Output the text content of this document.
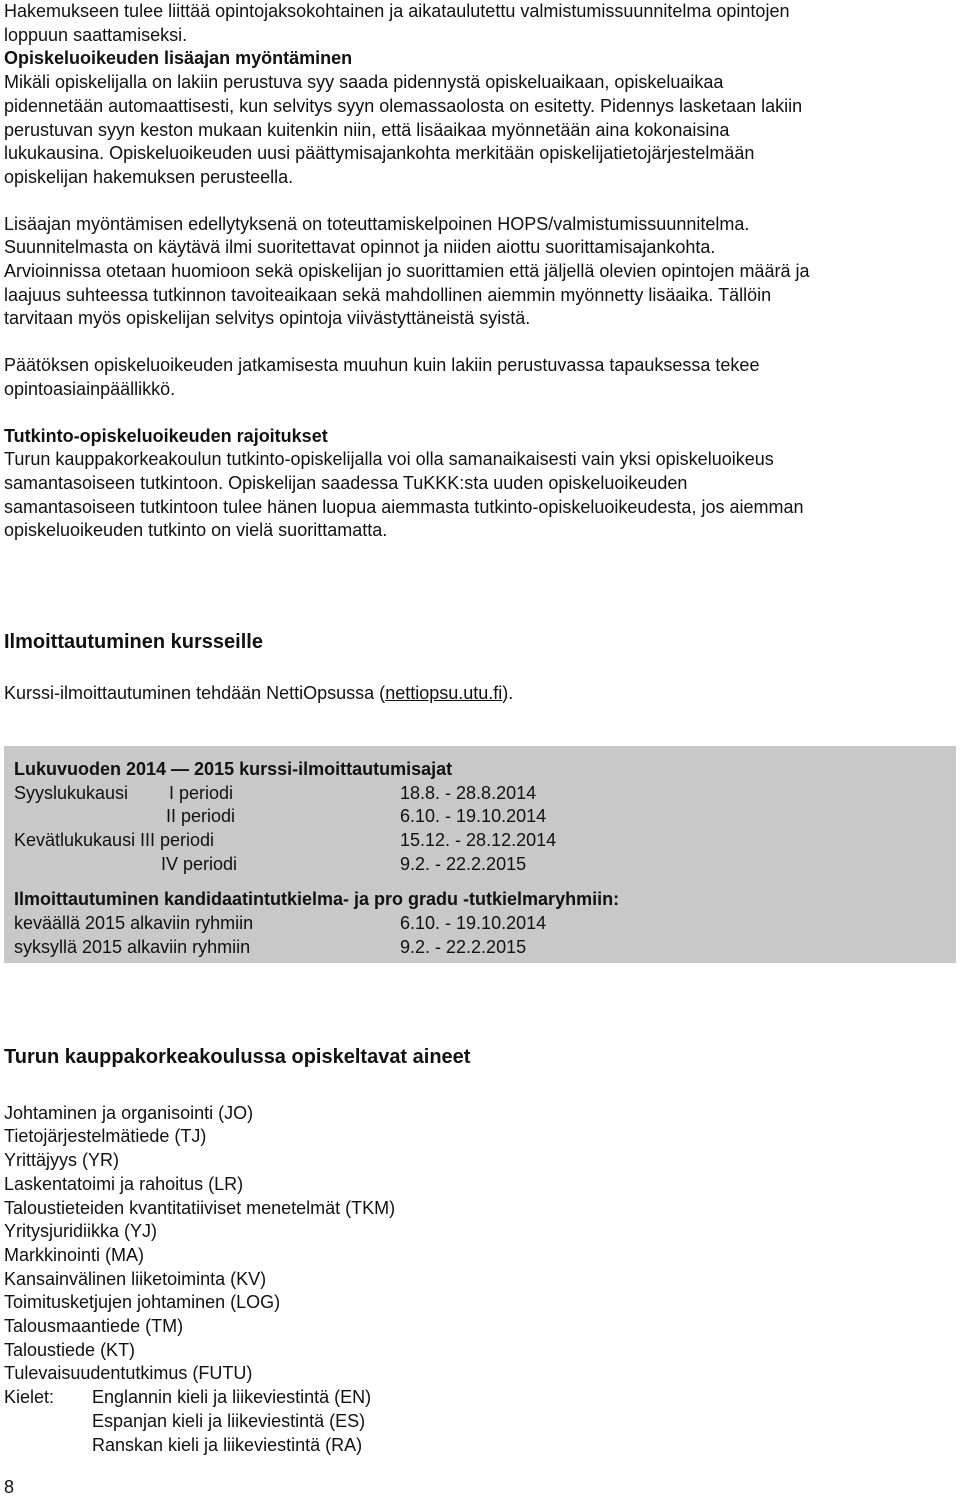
Hakemukseen tulee liittää opintojaksokohtainen ja aikataulutettu valmistumissuunnitelma opintojen

loppuun saattamiseksi.

Opiskeluoikeuden lisäajan myöntäminen

Mikäli opiskelijalla on lakiin perustuva syy saada pidennystä opiskeluaikaan, opiskeluaikaa

pidennetään automaattisesti, kun selvitys syyn olemassaolosta on esitetty. Pidennys lasketaan lakiin

perustuvan syyn keston mukaan kuitenkin niin, että lisäaikaa myönnetään aina kokonaisina

lukukausina. Opiskeluoikeuden uusi päättymisajankohta merkitään opiskelijatietojärjestelmään

opiskelijan hakemuksen perusteella.

Lisäajan myöntämisen edellytyksenä on toteuttamiskelpoinen HOPS/valmistumissuunnitelma.

Suunnitelmasta on käytävä ilmi suoritettavat opinnot ja niiden aiottu suorittamisajankohta.

Arvioinnissa otetaan huomioon sekä opiskelijan jo suorittamien että jäljellä olevien opintojen määrä ja

laajuus suhteessa tutkinnon tavoiteaikaan sekä mahdollinen aiemmin myönnetty lisäaika. Tällöin

tarvitaan myös opiskelijan selvitys opintoja viivästyttäneistä syistä.

Päätöksen opiskeluoikeuden jatkamisesta muuhun kuin lakiin perustuvassa tapauksessa tekee

opintoasiainpäällikkö.

Tutkinto-opiskeluoikeuden rajoitukset

Turun kauppakorkeakoulun tutkinto-opiskelijalla voi olla samanaikaisesti vain yksi opiskeluoikeus

samantasoiseen tutkintoon. Opiskelijan saadessa TuKKK:sta uuden opiskeluoikeuden

samantasoiseen tutkintoon tulee hänen luopua aiemmasta tutkinto-opiskeluoikeudesta, jos aiemman

opiskeluoikeuden tutkinto on vielä suorittamatta.

Ilmoittautuminen kursseille

Kurssi-ilmoittautuminen tehdään NettiOpsussa (nettiopsu.utu.fi).

Lukuvuoden 2014 — 2015 kurssi-ilmoittautumisajat
Syyslukukausi I periodi	18.8. - 28.8.2014
II periodi	6.10. - 19.10.2014
Kevätlukukausi III periodi	15.12. - 28.12.2014
IV periodi	9.2. - 22.2.2015
Ilmoittautuminen kandidaatintutkielma- ja pro gradu -tutkielmaryhmiin:
keväällä 2015 alkaviin ryhmiin	6.10. - 19.10.2014
syksyllä 2015 alkaviin ryhmiin	9.2. - 22.2.2015

Turun kauppakorkeakoulussa opiskeltavat aineet

Johtaminen ja organisointi (JO)

Tietojärjestelmätiede (TJ)

Yrittäjyys (YR)

Laskentatoimi ja rahoitus (LR)

Taloustieteiden kvantitatiiviset menetelmät (TKM)

Yritysjuridiikka (YJ)

Markkinointi (MA)

Kansainvälinen liiketoiminta (KV)

Toimitusketjujen johtaminen (LOG)

Talousmaantiede (TM)

Taloustiede (KT)

Tulevaisuudentutkimus (FUTU)

Kielet: Englannin kieli ja liikeviestintä (EN)
Espanjan kieli ja liikeviestintä (ES)
Ranskan kieli ja liikeviestintä (RA)
8
